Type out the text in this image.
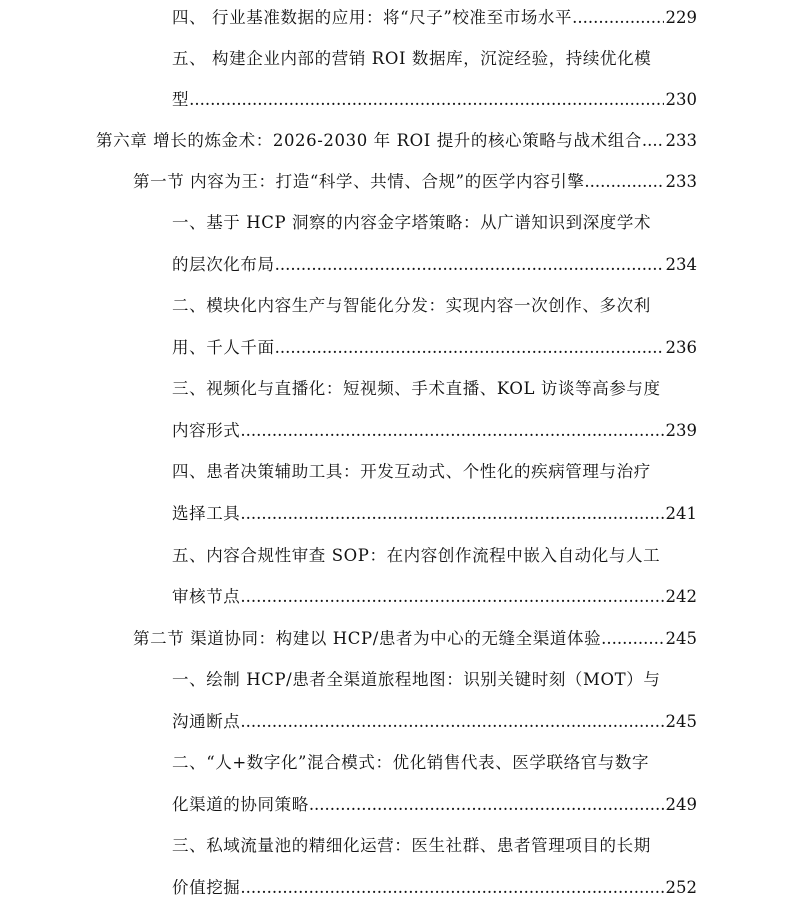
四、 行业基准数据的应用：将“尺子”校准至市场水平 .....	229
五、 构建企业内部的营销 ROI 数据库，沉淀经验，持续优化模
型 .....	230
第六章 增长的炼金术：2026-2030 年 ROI 提升的核心策略与战术组合 ..... 233
第一节 内容为王：打造“科学、共情、合规”的医学内容引擎 .....	233
一、基于 HCP 洞察的内容金字塔策略：从广谱知识到深度学术
的层次化布局 .....	234
二、模块化内容生产与智能化分发：实现内容一次创作、多次利
用、千人千面 .....	236
三、视频化与直播化：短视频、手术直播、KOL 访谈等高参与度
内容形式 .....	239
四、患者决策辅助工具：开发互动式、个性化的疾病管理与治疗
选择工具 .....	241
五、内容合规性审查 SOP：在内容创作流程中嵌入自动化与人工
审核节点 .....	242
第二节 渠道协同：构建以 HCP/患者为中心的无缝全渠道体验 .....	245
一、绘制 HCP/患者全渠道旅程地图：识别关键时刻（MOT）与
沟通断点 .....	245
二、“人+数字化”混合模式：优化销售代表、医学联络官与数字
化渠道的协同策略 .....	249
三、私域流量池的精细化运营：医生社群、患者管理项目的长期
价值挖掘 .....	252
